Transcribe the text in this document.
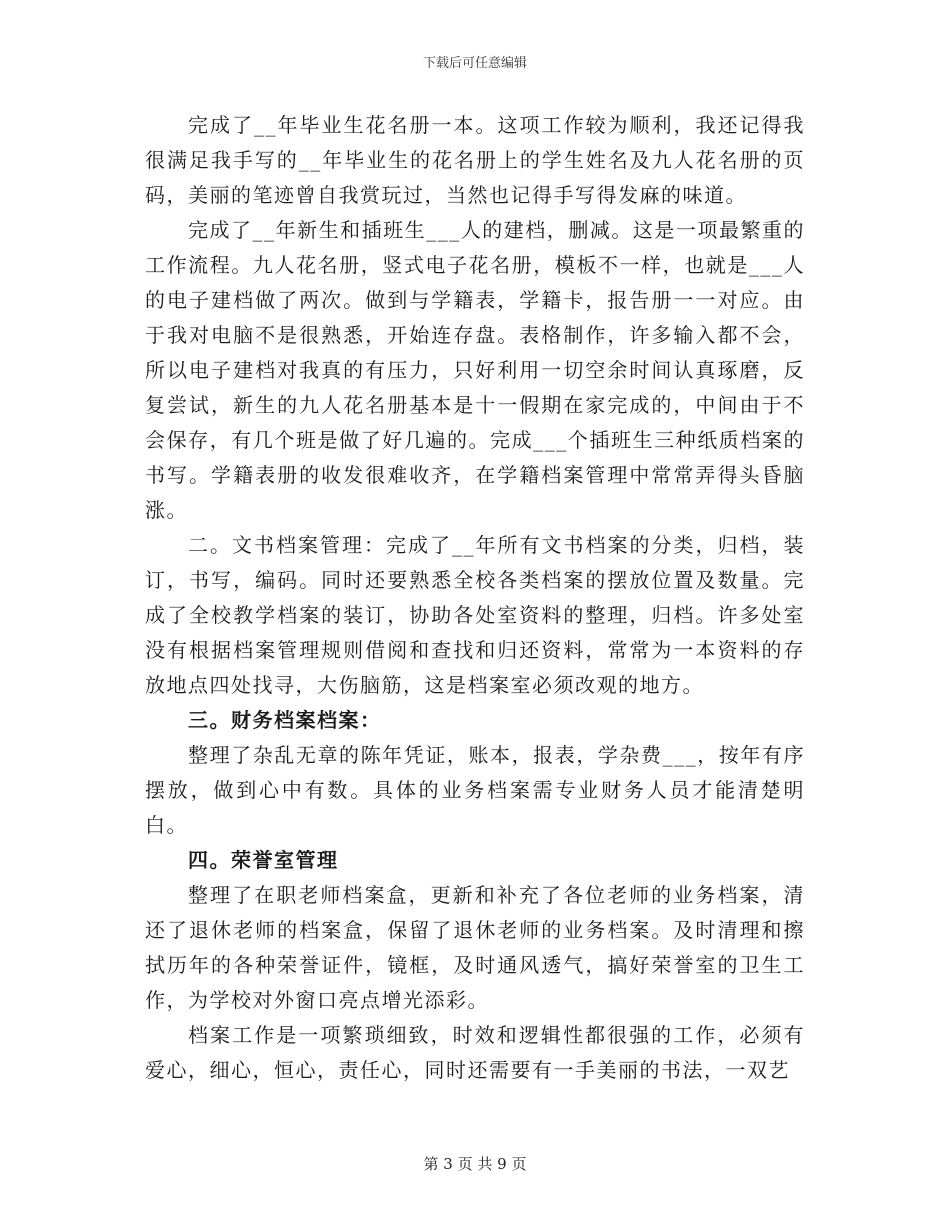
下载后可任意编辑

完成了__年毕业生花名册一本。这项工作较为顺利，我还记得我很满足我手写的__年毕业生的花名册上的学生姓名及九人花名册的页码，美丽的笔迹曾自我赏玩过，当然也记得手写得发麻的味道。

完成了__年新生和插班生___人的建档，删减。这是一项最繁重的工作流程。九人花名册，竖式电子花名册，模板不一样，也就是___人的电子建档做了两次。做到与学籍表，学籍卡，报告册一一对应。由于我对电脑不是很熟悉，开始连存盘。表格制作，许多输入都不会，所以电子建档对我真的有压力，只好利用一切空余时间认真琢磨，反复尝试，新生的九人花名册基本是十一假期在家完成的，中间由于不会保存，有几个班是做了好几遍的。完成___个插班生三种纸质档案的书写。学籍表册的收发很难收齐，在学籍档案管理中常常弄得头昏脑涨。

二。文书档案管理：完成了__年所有文书档案的分类，归档，装订，书写，编码。同时还要熟悉全校各类档案的摆放位置及数量。完成了全校教学档案的装订，协助各处室资料的整理，归档。许多处室没有根据档案管理规则借阅和查找和归还资料，常常为一本资料的存放地点四处找寻，大伤脑筋，这是档案室必须改观的地方。

三。财务档案档案：

整理了杂乱无章的陈年凭证，账本，报表，学杂费___，按年有序摆放，做到心中有数。具体的业务档案需专业财务人员才能清楚明白。

四。荣誉室管理

整理了在职老师档案盒，更新和补充了各位老师的业务档案，清还了退休老师的档案盒，保留了退休老师的业务档案。及时清理和擦拭历年的各种荣誉证件，镜框，及时通风透气，搞好荣誉室的卫生工作，为学校对外窗口亮点增光添彩。

档案工作是一项繁琐细致，时效和逻辑性都很强的工作，必须有爱心，细心，恒心，责任心，同时还需要有一手美丽的书法，一双艺

第 3 页 共 9 页
